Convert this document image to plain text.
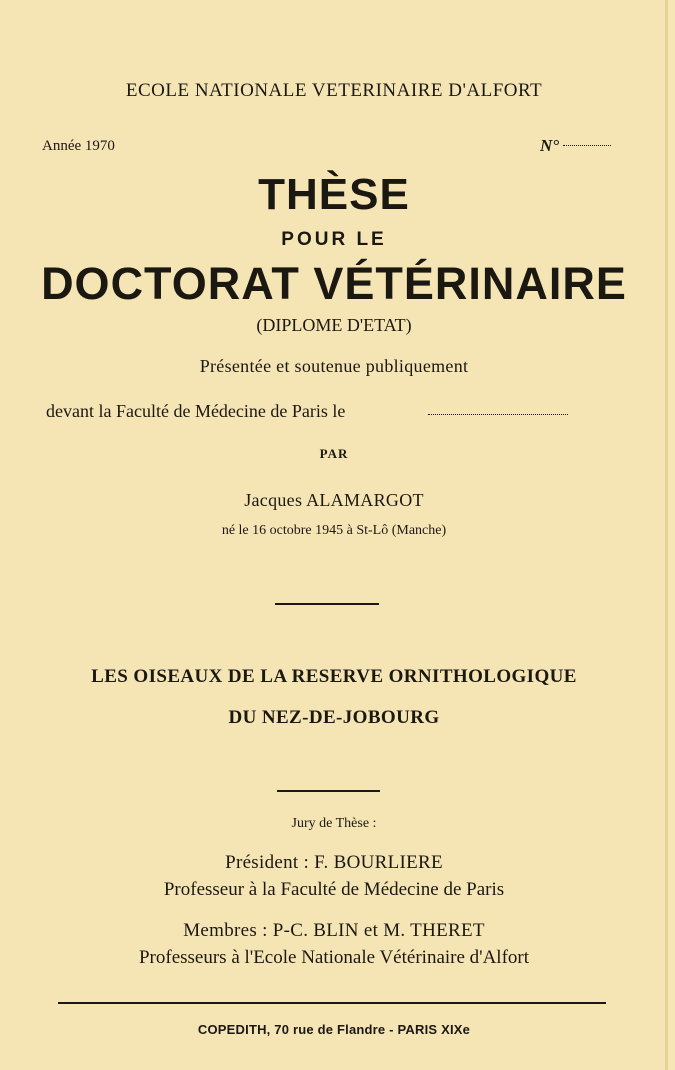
ECOLE NATIONALE VETERINAIRE D'ALFORT
Année 1970	N°
THÈSE
POUR LE
DOCTORAT VÉTÉRINAIRE
(DIPLOME D'ETAT)
Présentée et soutenue publiquement
devant la Faculté de Médecine de Paris le
PAR
Jacques ALAMARGOT
né le 16 octobre 1945 à St-Lô (Manche)
LES OISEAUX DE LA RESERVE ORNITHOLOGIQUE
DU NEZ-DE-JOBOURG
Jury de Thèse :
Président : F. BOURLIERE
Professeur à la Faculté de Médecine de Paris
Membres : P-C. BLIN et M. THERET
Professeurs à l'Ecole Nationale Vétérinaire d'Alfort
COPEDITH, 70 rue de Flandre - PARIS XIXe
